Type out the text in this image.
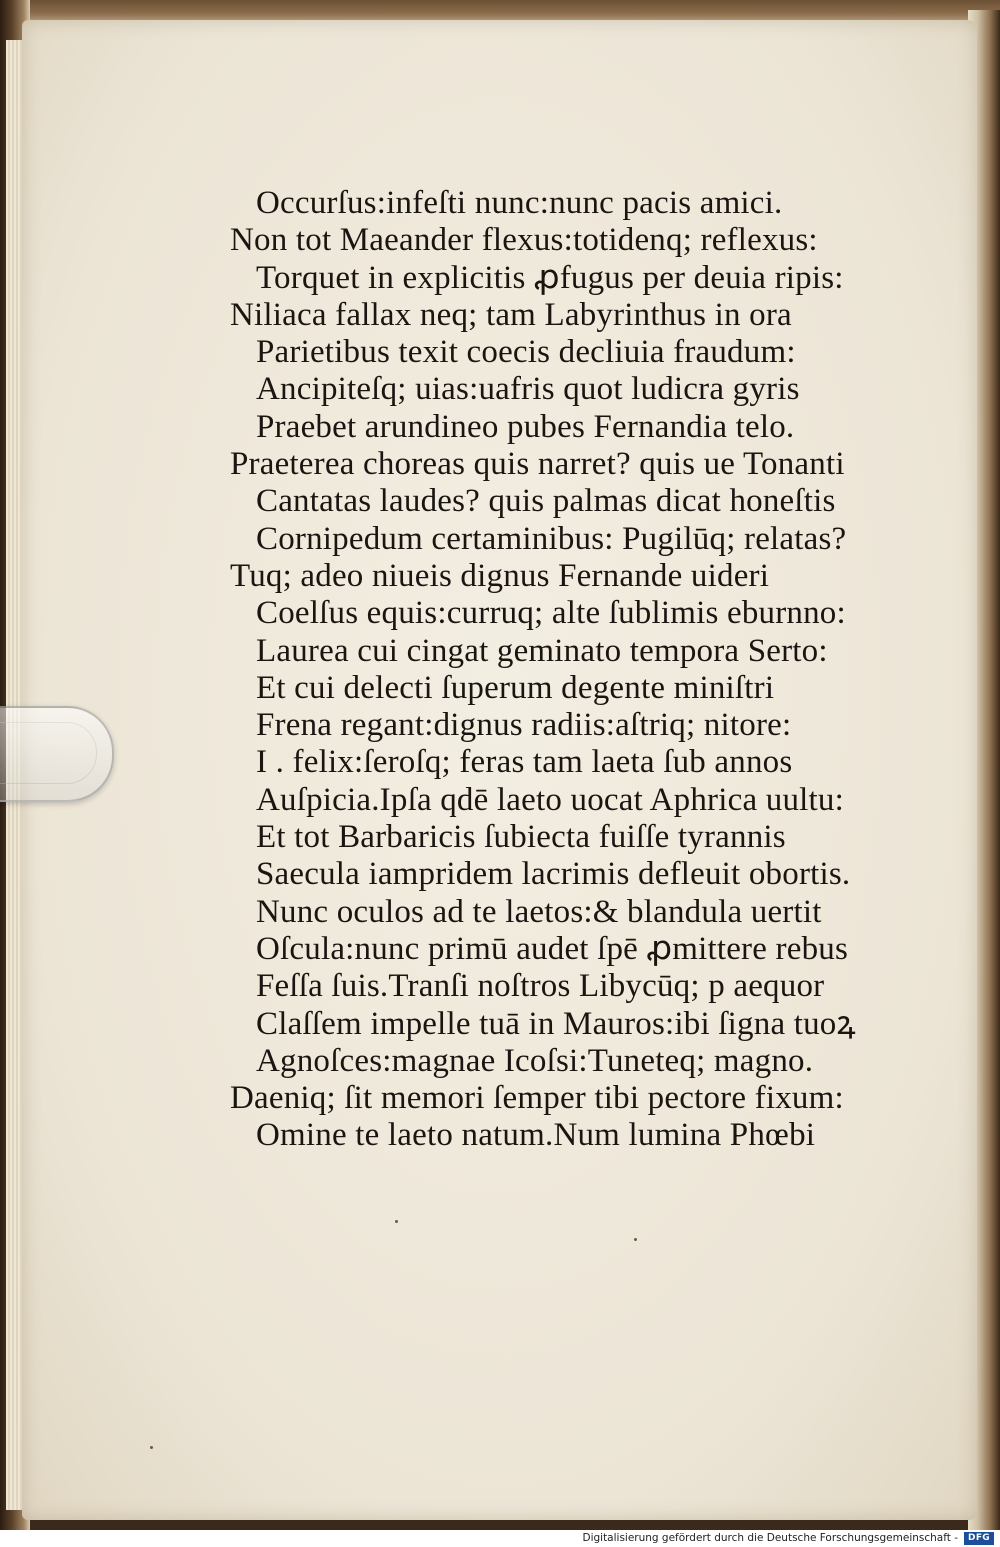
Occurſus:infeſti nunc:nunc pacis amici.
Non tot Maeander flexus:totidenq; reflexus:
Torquet in explicitis ꝓfugus per deuia ripis:
Niliaca fallax neq; tam Labyrinthus in ora
Parietibus texit coecis decliuia fraudum:
Ancipiteſq; uias:uafris quot ludicra gyris
Praebet arundineo pubes Fernandia telo.
Praeterea choreas quis narret? quis ue Tonanti
Cantatas laudes? quis palmas dicat honeſtis
Cornipedum certaminibus: Pugilūq; relatas?
Tuq; adeo niueis dignus Fernande uideri
Coelſus equis:curruq; alte ſublimis eburnno:
Laurea cui cingat geminato tempora Serto:
Et cui delecti ſuperum degente miniſtri
Frena regant:dignus radiis:aſtriq; nitore:
I . felix:ſeroſq; feras tam laeta ſub annos
Auſpicia.Ipſa qdē laeto uocat Aphrica uultu:
Et tot Barbaricis ſubiecta fuiſſe tyrannis
Saecula iampridem lacrimis defleuit obortis.
Nunc oculos ad te laetos:& blandula uertit
Oſcula:nunc primū audet ſpē ꝓmittere rebus
Feſſa ſuis.Tranſi noſtros Libycūq; p aequor
Claſſem impelle tuā in Mauros:ibi ſigna tuoꝝ
Agnoſces:magnae Icoſsi:Tuneteq; magno.
Daeniq; ſit memori ſemper tibi pectore fixum:
Omine te laeto natum.Num lumina Phœbi
Digitalisierung gefördert durch die Deutsche Forschungsgemeinschaft -	DFG
